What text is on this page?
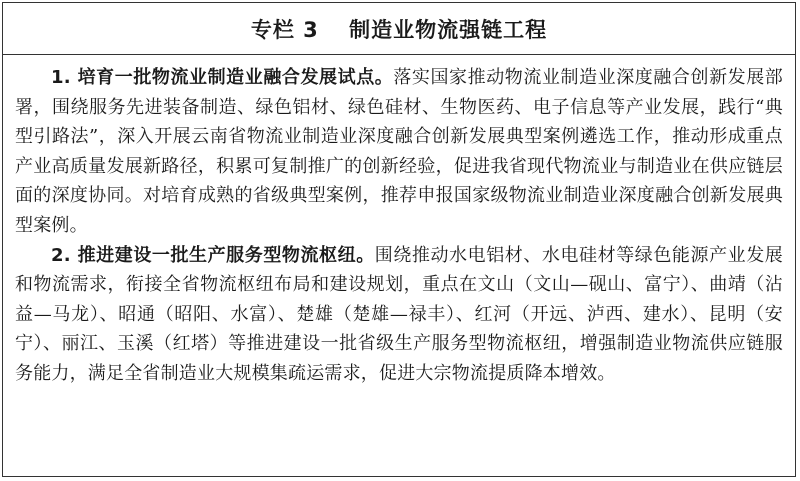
专栏 3　 制造业物流强链工程

1. 培育一批物流业制造业融合发展试点。落实国家推动物流业制造业深度融合创新发展部署，围绕服务先进装备制造、绿色铝材、绿色硅材、生物医药、电子信息等产业发展，践行“典型引路法”，深入开展云南省物流业制造业深度融合创新发展典型案例遴选工作，推动形成重点产业高质量发展新路径，积累可复制推广的创新经验，促进我省现代物流业与制造业在供应链层面的深度协同。对培育成熟的省级典型案例，推荐申报国家级物流业制造业深度融合创新发展典型案例。

2. 推进建设一批生产服务型物流枢纽。围绕推动水电铝材、水电硅材等绿色能源产业发展和物流需求，衔接全省物流枢纽布局和建设规划，重点在文山（文山—砚山、富宁）、曲靖（沾益—马龙）、昭通（昭阳、水富）、楚雄（楚雄—禄丰）、红河（开远、泸西、建水）、昆明（安宁）、丽江、玉溪（红塔）等推进建设一批省级生产服务型物流枢纽，增强制造业物流供应链服务能力，满足全省制造业大规模集疏运需求，促进大宗物流提质降本增效。
